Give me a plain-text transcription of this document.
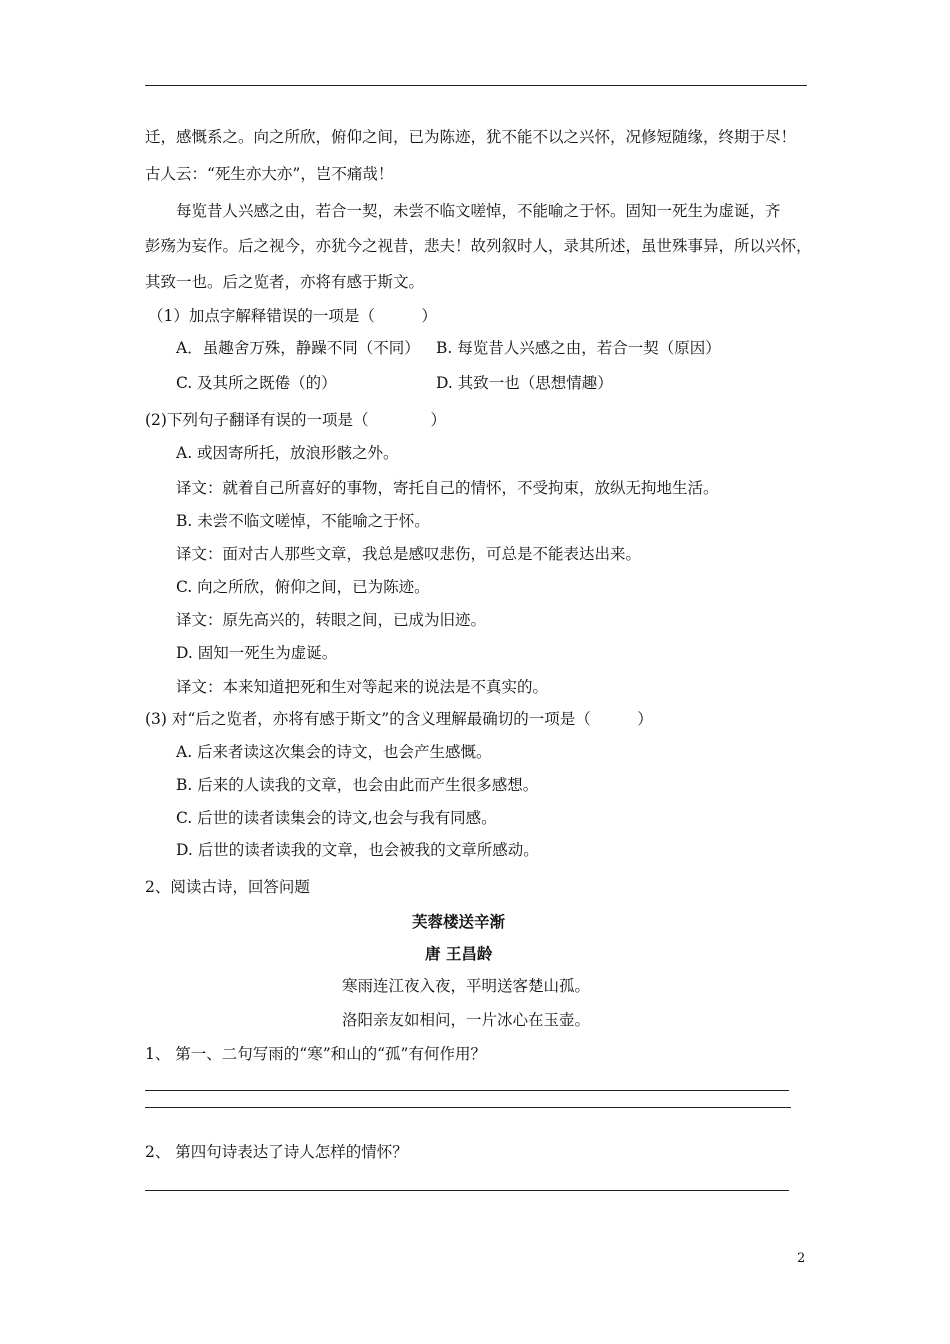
迁，感慨系之。向之所欣，俯仰之间，已为陈迹，犹不能不以之兴怀，况修短随缘，终期于尽！
古人云：“死生亦大亦”，岂不痛哉！
每览昔人兴感之由，若合一契，未尝不临文嗟悼，不能喻之于怀。固知一死生为虚诞，齐
彭殇为妄作。后之视今，亦犹今之视昔，悲夫！故列叙时人，录其所述，虽世殊事异，所以兴怀，
其致一也。后之览者，亦将有感于斯文。
（1）加点字解释错误的一项是（　　　）
A．虽趣舍万殊，静躁不同（不同） B. 每览昔人兴感之由，若合一契（原因）
C. 及其所之既倦（的）	D. 其致一也（思想情趣）
(2)下列句子翻译有误的一项是（　　　　）
A. 或因寄所托，放浪形骸之外。
译文：就着自己所喜好的事物，寄托自己的情怀，不受拘束，放纵无拘地生活。
B. 未尝不临文嗟悼，不能喻之于怀。
译文：面对古人那些文章，我总是感叹悲伤，可总是不能表达出来。
C. 向之所欣，俯仰之间，已为陈迹。
译文：原先高兴的，转眼之间，已成为旧迹。
D. 固知一死生为虚诞。
译文：本来知道把死和生对等起来的说法是不真实的。
(3) 对“后之览者，亦将有感于斯文”的含义理解最确切的一项是（　　　）
A. 后来者读这次集会的诗文，也会产生感慨。
B. 后来的人读我的文章，也会由此而产生很多感想。
C. 后世的读者读集会的诗文,也会与我有同感。
D. 后世的读者读我的文章，也会被我的文章所感动。
2、阅读古诗，回答问题
芙蓉楼送辛渐
唐 王昌龄
寒雨连江夜入夜，平明送客楚山孤。
洛阳亲友如相问，一片冰心在玉壶。
1、 第一、二句写雨的“寒”和山的“孤”有何作用？
2、 第四句诗表达了诗人怎样的情怀？
2
